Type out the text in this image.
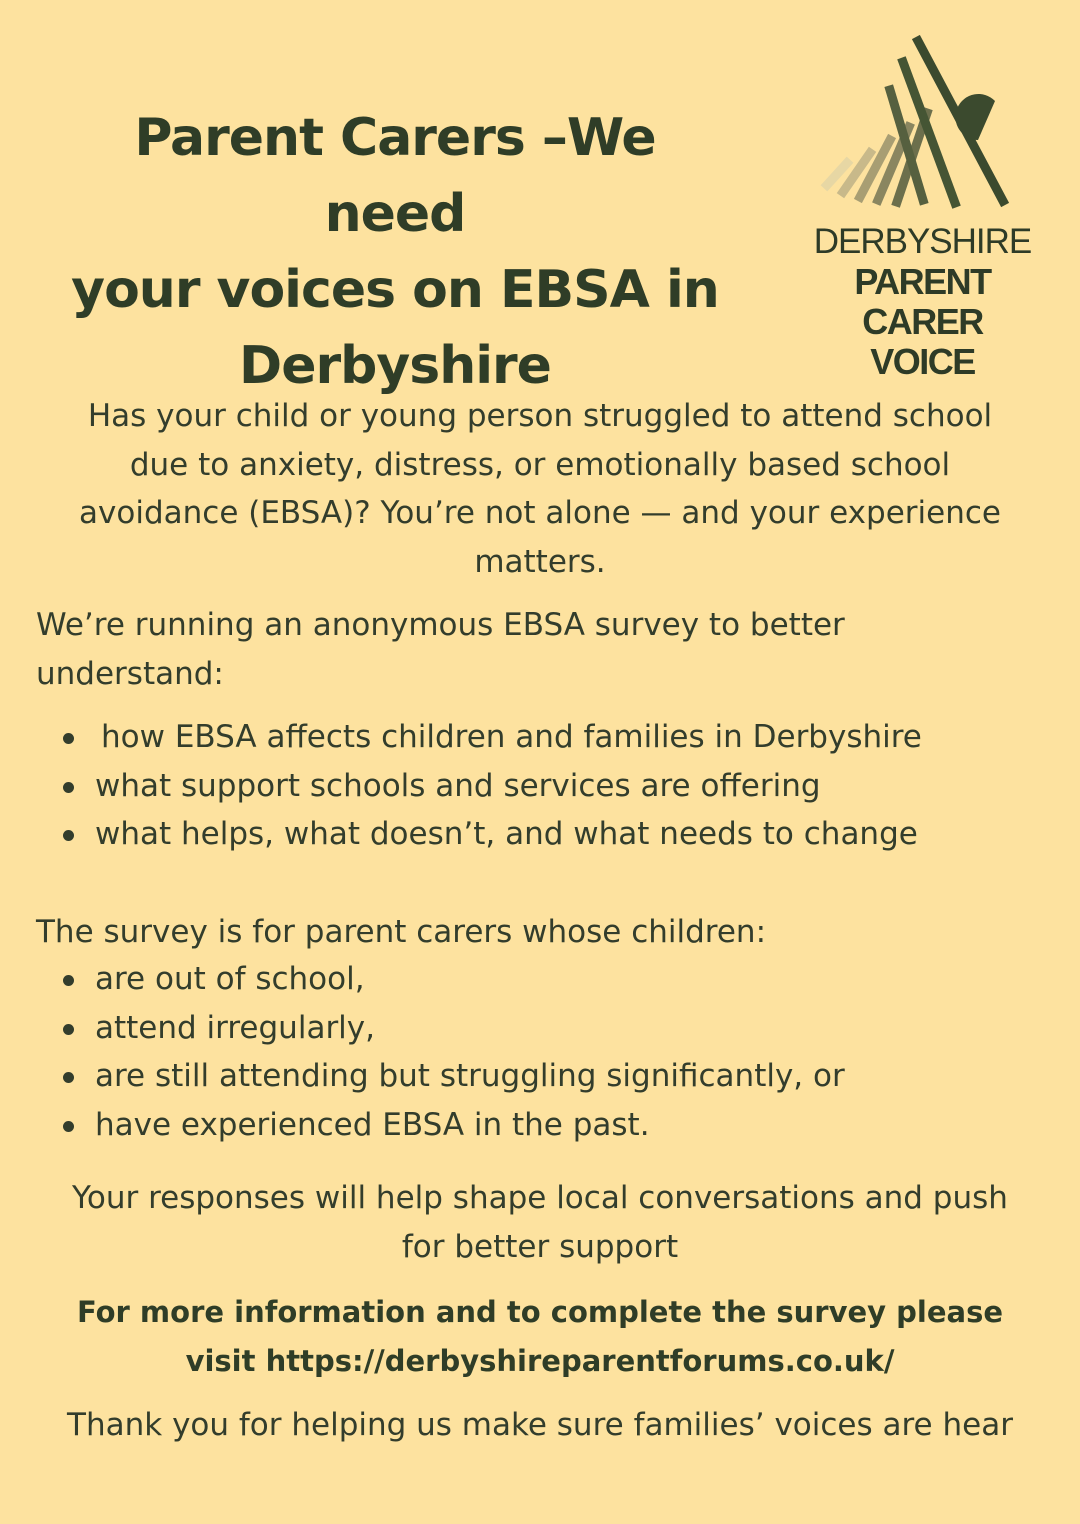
Parent Carers –We need
your voices on EBSA in
Derbyshire
DERBYSHIRE
PARENT CARER
VOICE

Has your child or young person struggled to attend school
due to anxiety, distress, or emotionally based school
avoidance (EBSA)? You’re not alone — and your experience
matters.

We’re running an anonymous EBSA survey to better
understand:

how EBSA affects children and families in Derbyshire
what support schools and services are offering
what helps, what doesn’t, and what needs to change

The survey is for parent carers whose children:

are out of school,
attend irregularly,
are still attending but struggling significantly, or
have experienced EBSA in the past.

Your responses will help shape local conversations and push
for better support

For more information and to complete the survey please
visit https://derbyshireparentforums.co.uk/

Thank you for helping us make sure families’ voices are hear
